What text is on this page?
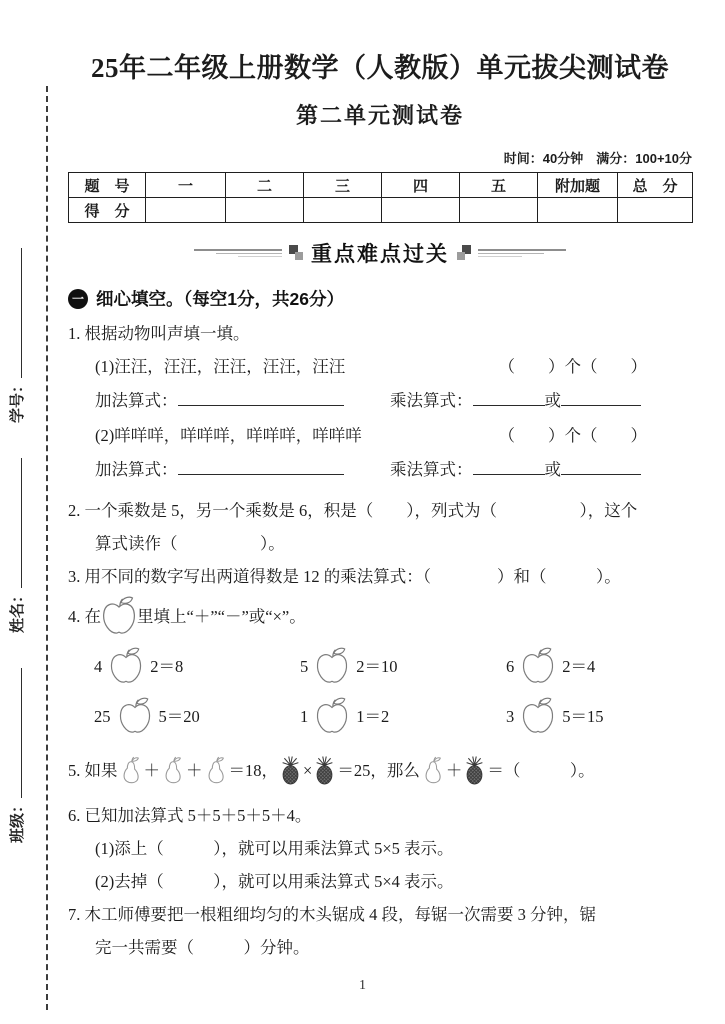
班级：
姓名：
学号：
25年二年级上册数学（人教版）单元拔尖测试卷
第二单元测试卷
时间：40分钟　满分：100+10分
题　号	一	二	三	四	五	附加题	总　分
得　分							
重点难点过关
一 细心填空。（每空1分，共26分）
1. 根据动物叫声填一填。
(1)汪汪，汪汪，汪汪，汪汪，汪汪	（　　）个（　　）
加法算式：	乘法算式：	或
(2)咩咩咩，咩咩咩，咩咩咩，咩咩咩	（　　）个（　　）
加法算式：	乘法算式：	或
2. 一个乘数是 5，另一个乘数是 6，积是（　　），列式为（　　　　　），这个
算式读作（　　　　　）。
3. 用不同的数字写出两道得数是 12 的乘法算式：（　　　　）和（　　　）。
4. 在 里填上“＋”“－”或“×”。
4	2＝8	5	2＝10	6	2＝4
25	5＝20	1	1＝2	3	5＝15
5. 如果 ＋ ＋ ＝18， × ＝25，那么 ＋ ＝（　　　）。
6. 已知加法算式 5＋5＋5＋5＋4。
(1)添上（　　　），就可以用乘法算式 5×5 表示。
(2)去掉（　　　），就可以用乘法算式 5×4 表示。
7. 木工师傅要把一根粗细均匀的木头锯成 4 段，每锯一次需要 3 分钟，锯
完一共需要（　　　）分钟。
1
